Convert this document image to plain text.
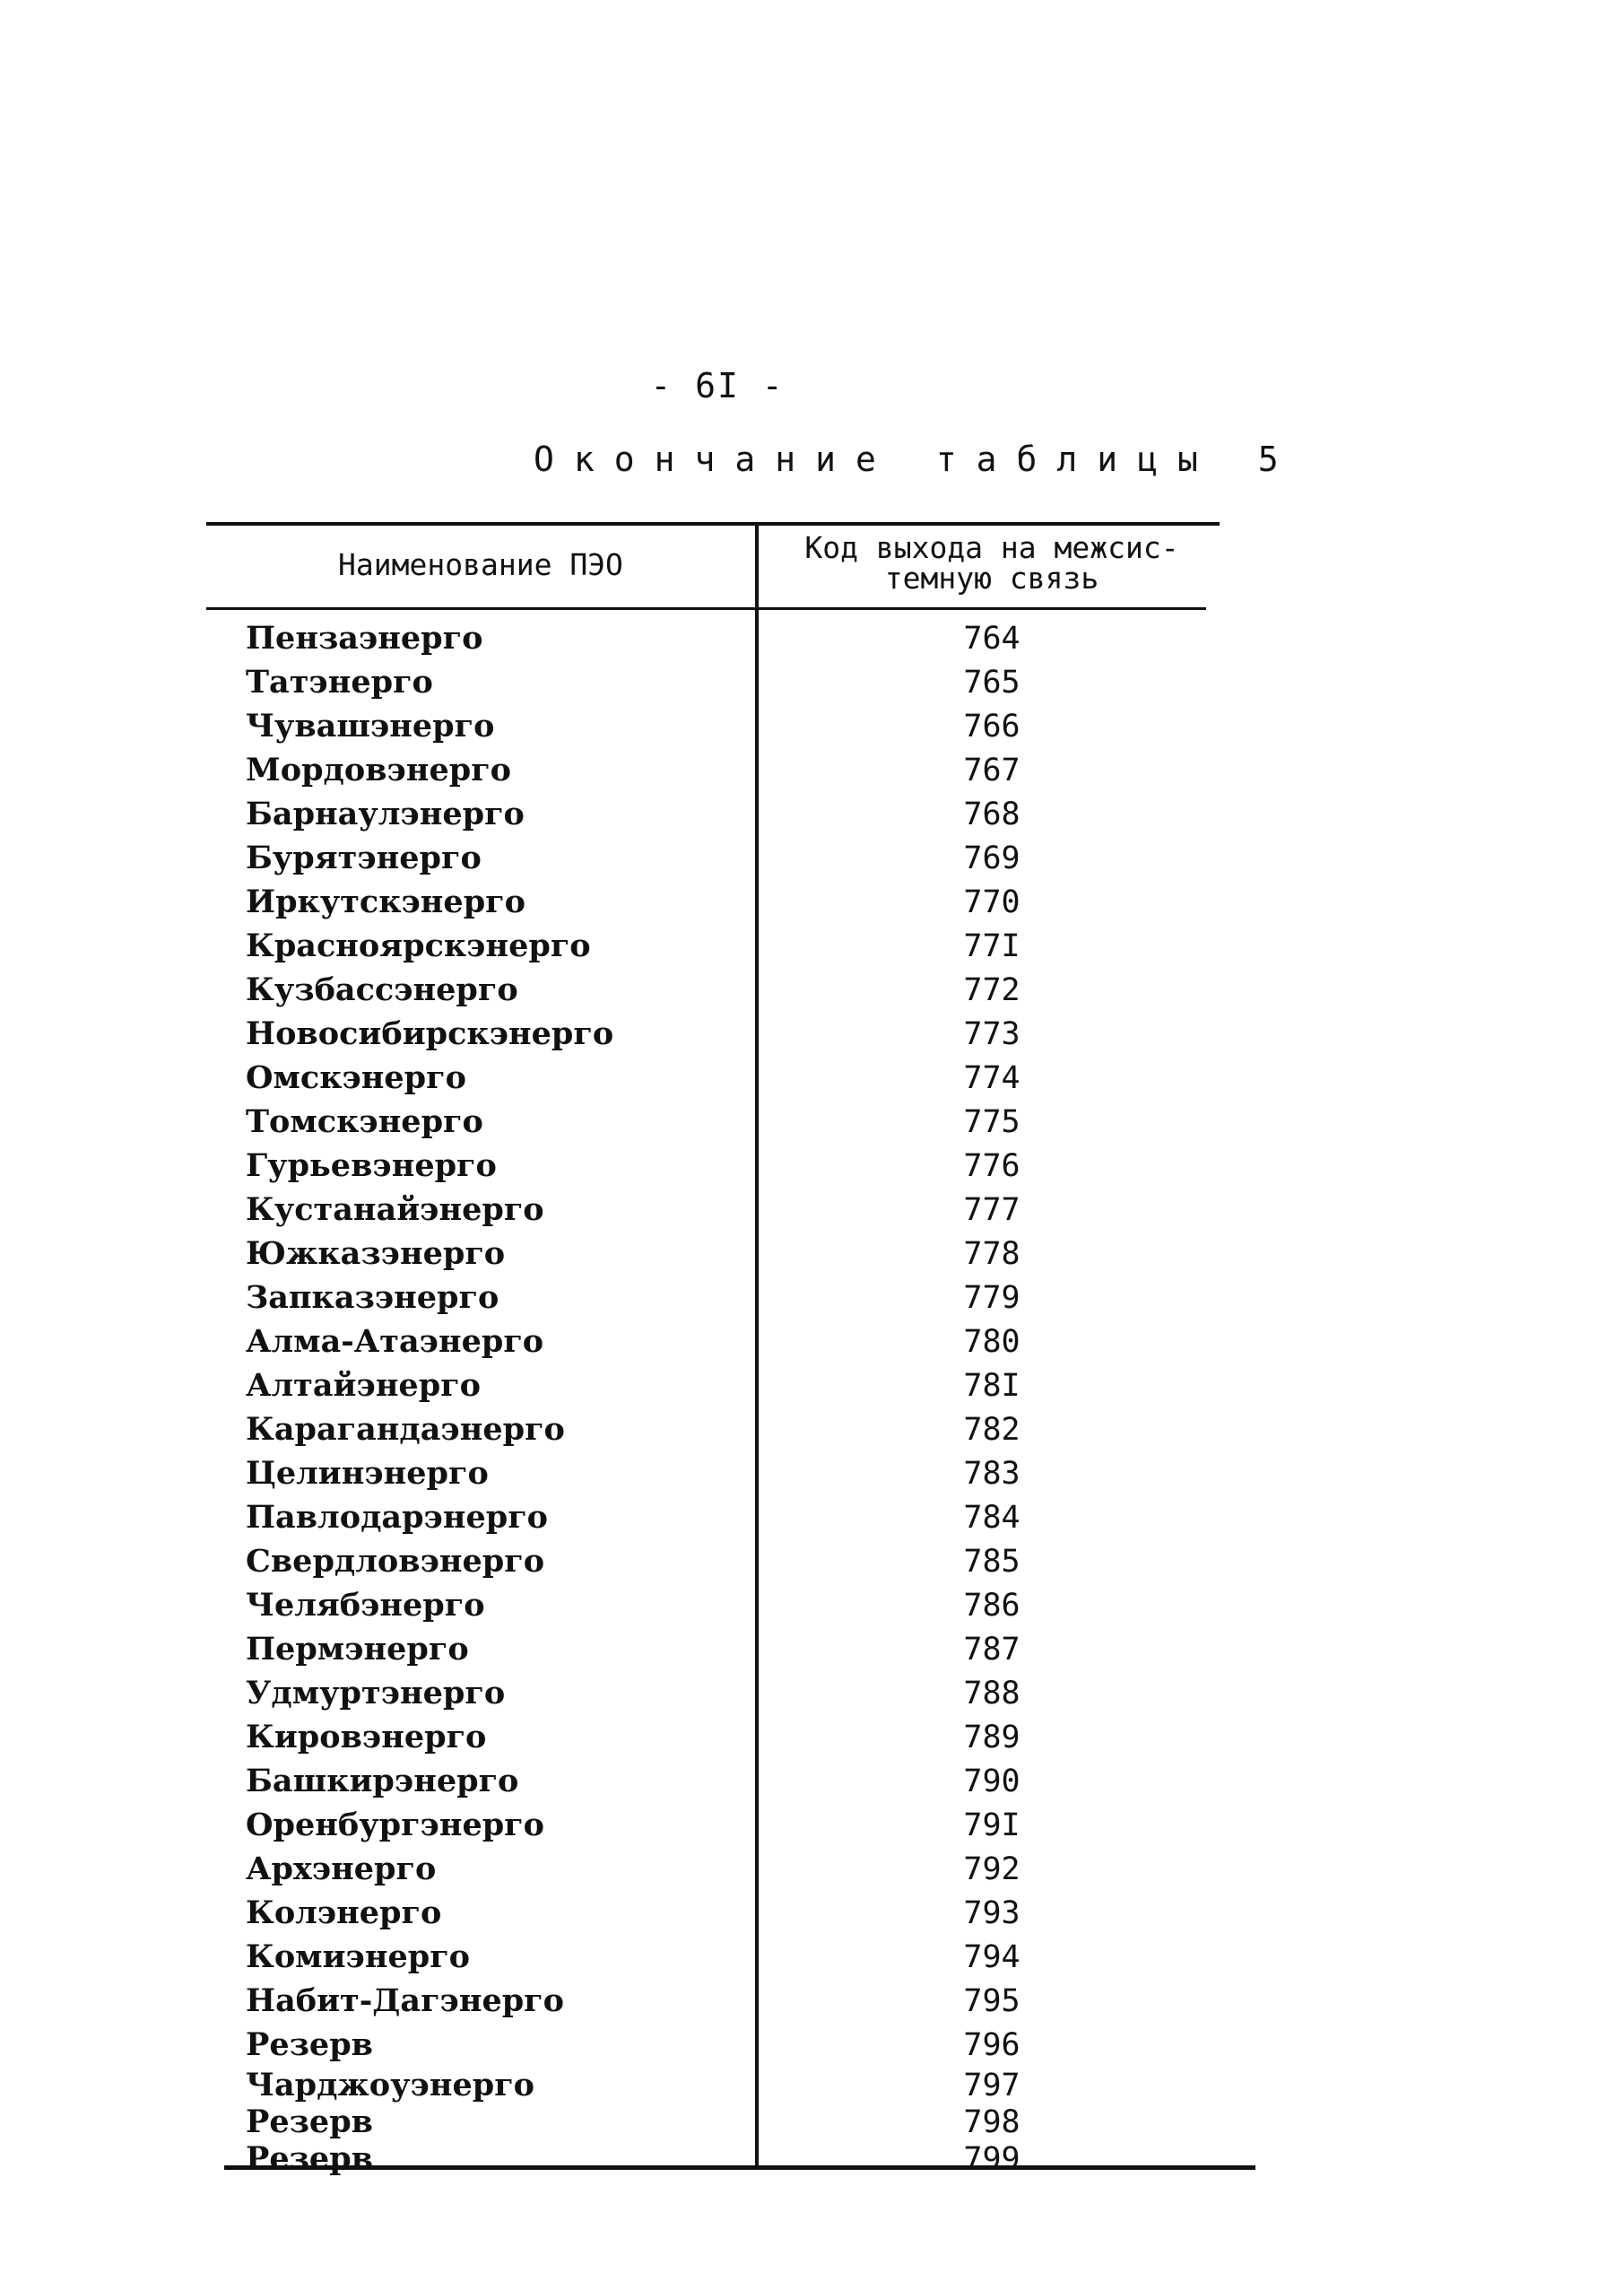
- 6I -
Окончание таблицы 5
Наименование ПЭО	Код выхода на межсис-
темную связь
Пензаэнерго	764
Татэнерго	765
Чувашэнерго	766
Мордовэнерго	767
Барнаулэнерго	768
Бурятэнерго	769
Иркутскэнерго	770
Красноярскэнерго	77I
Кузбассэнерго	772
Новосибирскэнерго	773
Омскэнерго	774
Томскэнерго	775
Гурьевэнерго	776
Кустанайэнерго	777
Южказэнерго	778
Запказэнерго	779
Алма-Атаэнерго	780
Алтайэнерго	78I
Карагандаэнерго	782
Целинэнерго	783
Павлодарэнерго	784
Свердловэнерго	785
Челябэнерго	786
Пермэнерго	787
Удмуртэнерго	788
Кировэнерго	789
Башкирэнерго	790
Оренбургэнерго	79I
Архэнерго	792
Колэнерго	793
Комиэнерго	794
Набит-Дагэнерго	795
Резерв	796
Чарджоуэнерго	797
Резерв	798
Резерв	799
